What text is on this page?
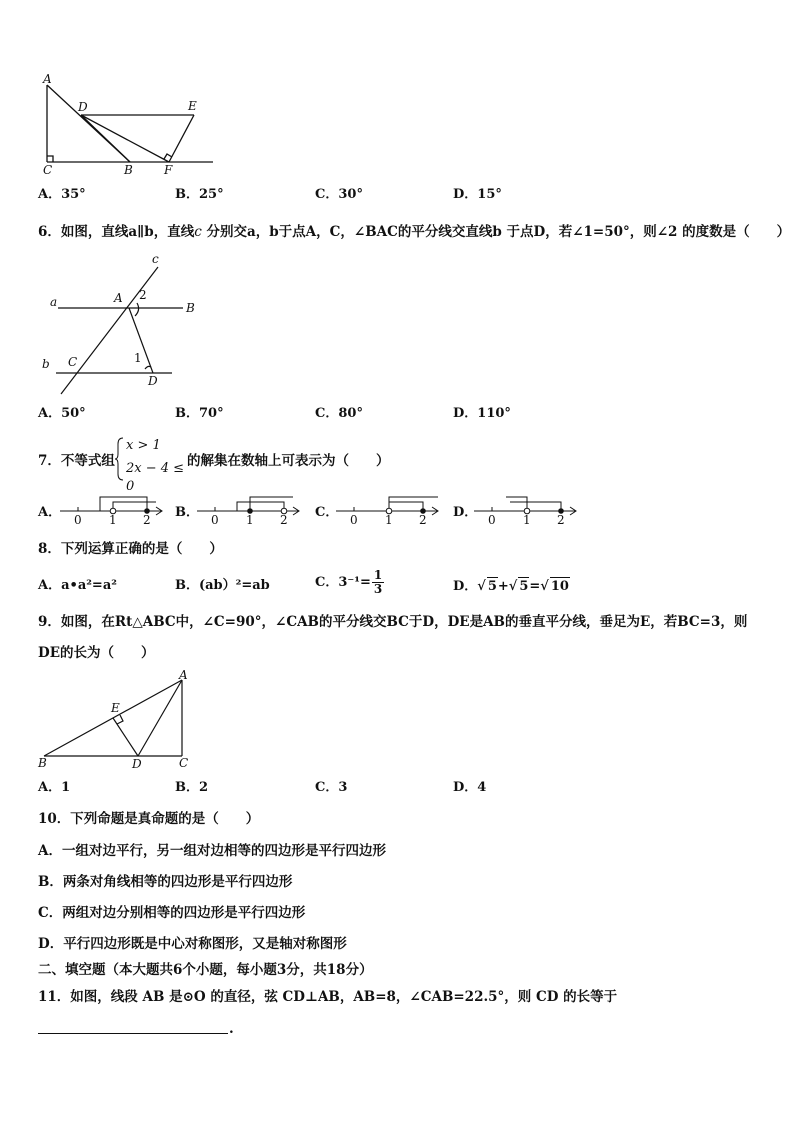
A
D	E
C	B	F
A．35°	B．25°	C．30°	D．15°
6．如图，直线a∥b，直线c 分别交a，b于点A，C，∠BAC的平分线交直线b 于点D，若∠1=50°，则∠2 的度数是（　　）
c
a	A 2
B
b C	1
D
A．50°	B．70°	C．80°	D．110°
7．不等式组
x > 1
2x − 4 ≤ 0
的解集在数轴上可表示为（　　）
A．	B．	C．	D．
0 1 2	0 1 2	0 1 2	0 1 2
8．下列运算正确的是（　　）
A．a•a²=a²	B．(ab）²=ab	C．$3^{-1}= \frac{1}{3}$	D．√ 5+√ 5=√ 10
9．如图，在Rt△ABC中，∠C=90°，∠CAB的平分线交BC于D，DE是AB的垂直平分线，垂足为E，若BC=3，则
DE的长为（　　）
A
E
B	D	C
A．1	B．2	C．3	D．4
10．下列命题是真命题的是（　　）
A．一组对边平行，另一组对边相等的四边形是平行四边形
B．两条对角线相等的四边形是平行四边形
C．两组对边分别相等的四边形是平行四边形
D．平行四边形既是中心对称图形，又是轴对称图形
二、填空题（本大题共6个小题，每小题3分，共18分）
11．如图，线段 AB 是⊙O 的直径，弦 CD⊥AB，AB=8，∠CAB=22.5°，则 CD 的长等于
.
